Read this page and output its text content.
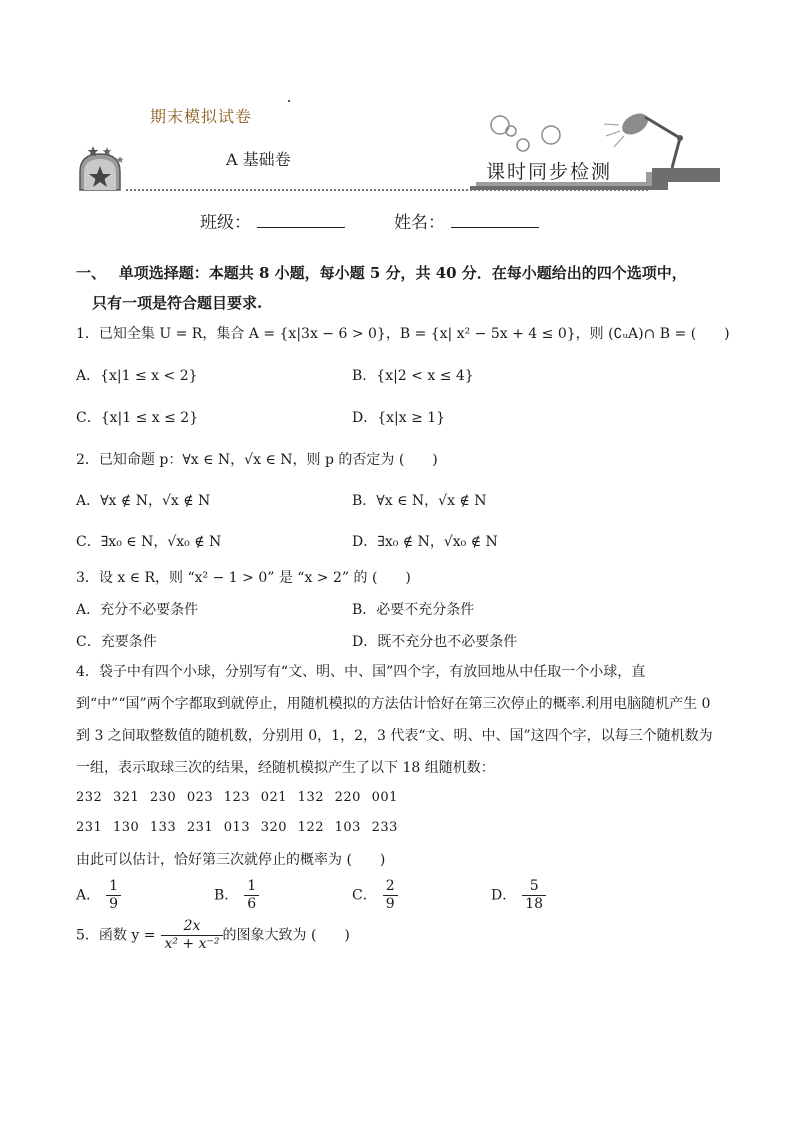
期末模拟试卷
A 基础卷
课时同步检测
班级：	姓名：
一、　 单项选择题：本题共 8 小题，每小题 5 分，共 40 分．在每小题给出的四个选项中，
只有一项是符合题目要求.
1．已知全集 U = R，集合 A = {x|3x − 6 > 0}，B = {x| x² − 5x + 4 ≤ 0}，则 (∁ᵤA)∩ B = (　　)
A．{x|1 ≤ x < 2}	B．{x|2 < x ≤ 4}
C．{x|1 ≤ x ≤ 2}	D．{x|x ≥ 1}
2．已知命题 p：∀x ∈ N，√x ∈ N，则 p 的否定为 (　　)
A．∀x ∉ N，√x ∉ N	B．∀x ∈ N，√x ∉ N
C．∃x₀ ∈ N，√x₀ ∉ N	D．∃x₀ ∉ N，√x₀ ∉ N
3．设 x ∈ R，则 “x² − 1 > 0” 是 “x > 2” 的 (　　)
A．充分不必要条件	B．必要不充分条件
C．充要条件	D．既不充分也不必要条件
4．袋子中有四个小球，分别写有“文、明、中、国”四个字，有放回地从中任取一个小球，直到“中”“国”两个字都取到就停止，用随机模拟的方法估计恰好在第三次停止的概率.利用电脑随机产生 0 到 3 之间取整数值的随机数，分别用 0，1，2，3 代表“文、明、中、国”这四个字，以每三个随机数为一组，表示取球三次的结果，经随机模拟产生了以下 18 组随机数：
232 321 230 023 123 021 132 220 001
231 130 133 231 013 320 122 103 233
由此可以估计，恰好第三次就停止的概率为 (　　)
A． $\frac{1}{9}$	B． $\frac{1}{6}$	C． $\frac{2}{9}$	D． $\frac{5}{18}$
5．函数 $y = \frac{2x}{\text{x² + x⁻²}}$ 的图象大致为 (　　)
